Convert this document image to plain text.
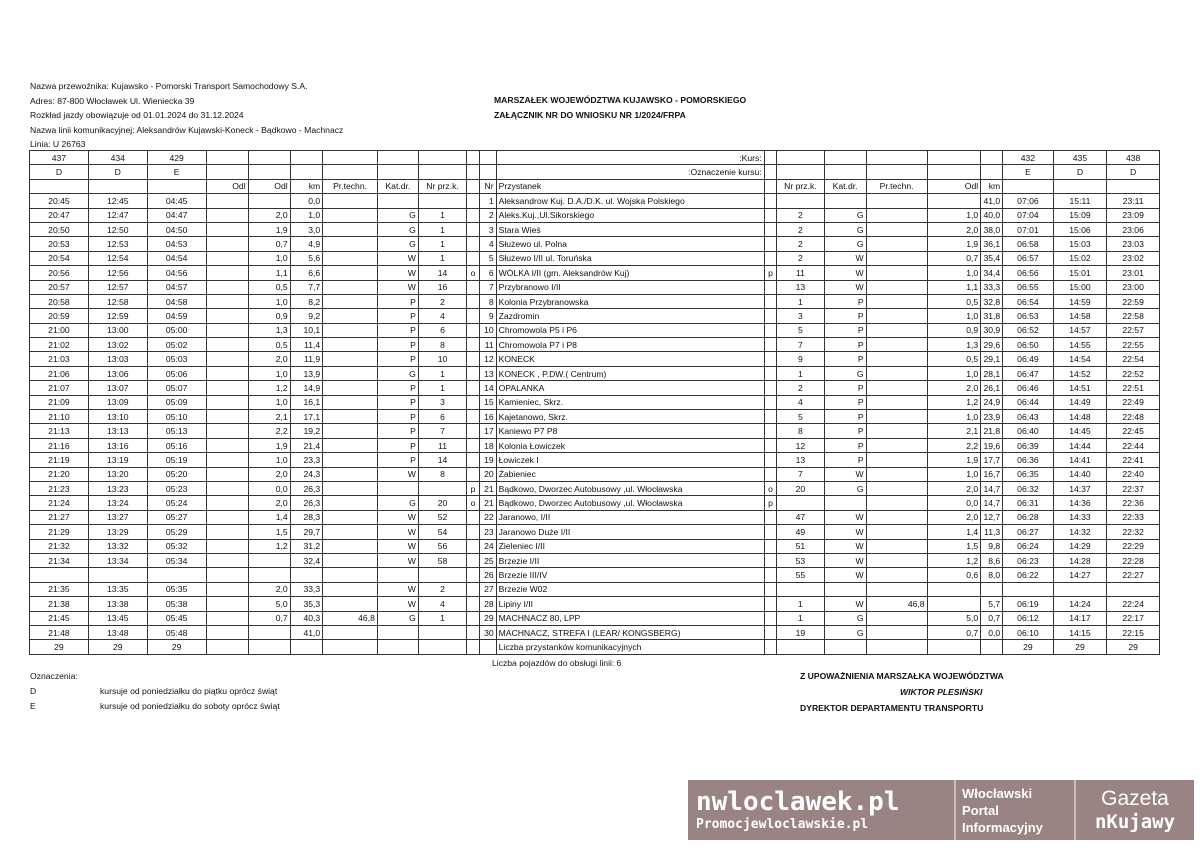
Nazwa przewoźnika: Kujawsko - Pomorski Transport Samochodowy S.A.
Adres: 87-800 Włocławek Ul. Wieniecka 39
Rozkład jazdy obowiązuje od 01.01.2024 do 31.12.2024
Nazwa linii komunikacyjnej: Aleksandrów Kujawski-Koneck - Bądkowo - Machnacz
Linia: U 26763
MARSZAŁEK WOJEWÓDZTWA KUJAWSKO - POMORSKIEGO
ZAŁĄCZNIK NR DO WNIOSKU NR 1/2024/FRPA
437	434	429									:Kurs:							432	435	438
D	D	E									:Oznaczenie kursu:							E	D	D
			Odl	Odl	km	Pr.techn.	Kat.dr.	Nr prz.k.		Nr	Przystanek		Nr prz.k.	Kat.dr.	Pr.techn.	Odl	km			
20:45	12:45	04:45			0,0					1	Aleksandrow Kuj. D.A./D.K. ul. Wojska Polskiego						41,0	07:06	15:11	23:11
20:47	12:47	04:47		2,0	1,0		G	1		2	Aleks.Kuj.,Ul.Sikorskiego		2	G		1,0	40,0	07:04	15:09	23:09
20:50	12:50	04:50		1,9	3,0		G	1		3	Stara Wieś		2	G		2,0	38,0	07:01	15:06	23:06
20:53	12:53	04:53		0,7	4,9		G	1		4	Służewo ul. Polna		2	G		1,9	36,1	06:58	15:03	23:03
20:54	12:54	04:54		1,0	5,6		W	1		5	Służewo I/II ul. Toruńska		2	W		0,7	35,4	06:57	15:02	23:02
20:56	12:56	04:56		1,1	6,6		W	14	o	6	WÓLKA I/II (gm. Aleksandrów Kuj)	p	11	W		1,0	34,4	06:56	15:01	23:01
20:57	12:57	04:57		0,5	7,7		W	16		7	Przybranowo I/II		13	W		1,1	33,3	06:55	15:00	23:00
20:58	12:58	04:58		1,0	8,2		P	2		8	Kolonia Przybranowska		1	P		0,5	32,8	06:54	14:59	22:59
20:59	12:59	04:59		0,9	9,2		P	4		9	Zazdromin		3	P		1,0	31,8	06:53	14:58	22:58
21:00	13:00	05:00		1,3	10,1		P	6		10	Chromowola P5 i P6		5	P		0,9	30,9	06:52	14:57	22:57
21:02	13:02	05:02		0,5	11,4		P	8		11	Chromowola P7 i P8		7	P		1,3	29,6	06:50	14:55	22:55
21:03	13:03	05:03		2,0	11,9		P	10		12	KONECK		9	P		0,5	29,1	06:49	14:54	22:54
21:06	13:06	05:06		1,0	13,9		G	1		13	KONECK , P.DW.( Centrum)		1	G		1,0	28,1	06:47	14:52	22:52
21:07	13:07	05:07		1,2	14,9		P	1		14	OPALANKA		2	P		2,0	26,1	06:46	14:51	22:51
21:09	13:09	05:09		1,0	16,1		P	3		15	Kamieniec, Skrz.		4	P		1,2	24,9	06:44	14:49	22:49
21:10	13:10	05:10		2,1	17,1		P	6		16	Kajetanowo, Skrz.		5	P		1,0	23,9	06:43	14:48	22:48
21:13	13:13	05:13		2,2	19,2		P	7		17	Kaniewo P7 P8		8	P		2,1	21,8	06:40	14:45	22:45
21:16	13:16	05:16		1,9	21,4		P	11		18	Kolonia Łowiczek		12	P		2,2	19,6	06:39	14:44	22:44
21:19	13:19	05:19		1,0	23,3		P	14		19	Łowiczek I		13	P		1,9	17,7	06:36	14:41	22:41
21:20	13:20	05:20		2,0	24,3		W	8		20	Żabieniec		7	W		1,0	16,7	06:35	14:40	22:40
21:23	13:23	05:23		0,0	26,3				p	21	Bądkowo, Dworzec Autobusowy ,ul. Włocławska	o	20	G		2,0	14,7	06:32	14:37	22:37
21:24	13:24	05:24		2,0	26,3		G	20	o	21	Bądkowo, Dworzec Autobusowy ,ul. Włocławska	p				0,0	14,7	06:31	14:36	22:36
21:27	13:27	05:27		1,4	28,3		W	52		22	Jaranowo, I/II		47	W		2,0	12,7	06:28	14:33	22:33
21:29	13:29	05:29		1,5	29,7		W	54		23	Jaranowo Duże I/II		49	W		1,4	11,3	06:27	14:32	22:32
21:32	13:32	05:32		1,2	31,2		W	56		24	Zieleniec I/II		51	W		1,5	9,8	06:24	14:29	22:29
21:34	13:34	05:34			32,4		W	58		25	Brzezie I/II		53	W		1,2	8,6	06:23	14:28	22:28
										26	Brzezie III/IV		55	W		0,6	8,0	06:22	14:27	22:27
21:35	13:35	05:35		2,0	33,3		W	2		27	Brzezie W02									
21:38	13:38	05:38		5,0	35,3		W	4		28	Lipiny I/II		1	W	46,8		5,7	06:19	14:24	22:24
21:45	13:45	05:45		0,7	40,3	46,8	G	1		29	MACHNACZ 80, LPP		1	G		5,0	0,7	06:12	14:17	22:17
21:48	13:48	05:48			41,0					30	MACHNACZ, STREFA I (LEAR/ KONGSBERG)		19	G		0,7	0,0	06:10	14:15	22:15
29	29	29									Liczba przystanków komunikacyjnych							29	29	29
Liczba pojazdów do obsługi linii: 6
Oznaczenia:
D	kursuje od poniedziałku do piątku oprócz świąt
E	kursuje od poniedziałku do soboty oprócz świąt
Z UPOWAŻNIENIA MARSZAŁKA WOJEWÓDZTWA
WIKTOR PLESIŃSKI
DYREKTOR DEPARTAMENTU TRANSPORTU
nwloclawek.pl
Promocjewloclawskie.pl
Włocławski
Portal
Informacyjny
Gazeta
nKujawy
